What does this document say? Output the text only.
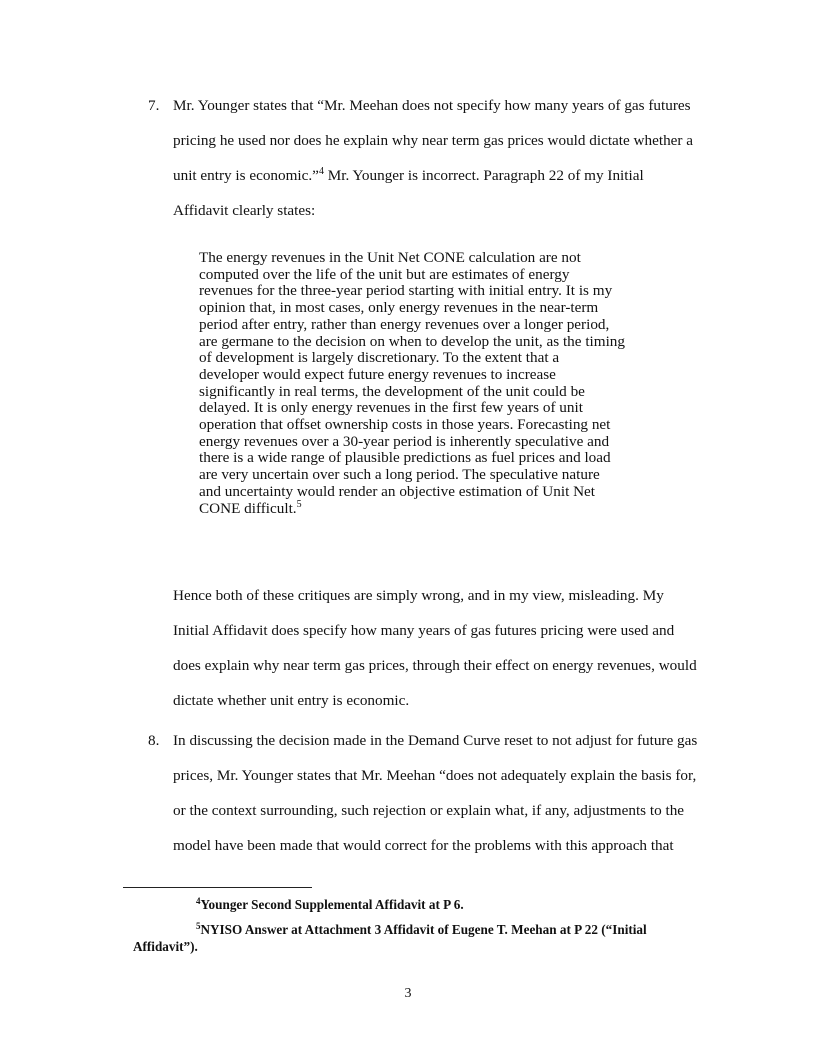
7. Mr. Younger states that “Mr. Meehan does not specify how many years of gas futures
pricing he used nor does he explain why near term gas prices would dictate whether a
unit entry is economic.”$^4$ Mr. Younger is incorrect. Paragraph 22 of my Initial
Affidavit clearly states:
The energy revenues in the Unit Net CONE calculation are not
computed over the life of the unit but are estimates of energy
revenues for the three-year period starting with initial entry. It is my
opinion that, in most cases, only energy revenues in the near-term
period after entry, rather than energy revenues over a longer period,
are germane to the decision on when to develop the unit, as the timing
of development is largely discretionary. To the extent that a
developer would expect future energy revenues to increase
significantly in real terms, the development of the unit could be
delayed. It is only energy revenues in the first few years of unit
operation that offset ownership costs in those years. Forecasting net
energy revenues over a 30-year period is inherently speculative and
there is a wide range of plausible predictions as fuel prices and load
are very uncertain over such a long period. The speculative nature
and uncertainty would render an objective estimation of Unit Net
CONE difficult.$^5$
Hence both of these critiques are simply wrong, and in my view, misleading. My
Initial Affidavit does specify how many years of gas futures pricing were used and
does explain why near term gas prices, through their effect on energy revenues, would
dictate whether unit entry is economic.
8. In discussing the decision made in the Demand Curve reset to not adjust for future gas
prices, Mr. Younger states that Mr. Meehan “does not adequately explain the basis for,
or the context surrounding, such rejection or explain what, if any, adjustments to the
model have been made that would correct for the problems with this approach that
$^4$Younger Second Supplemental Affidavit at P 6.
$^5$NYISO Answer at Attachment 3 Affidavit of Eugene T. Meehan at P 22 (“Initial
Affidavit”).
3
